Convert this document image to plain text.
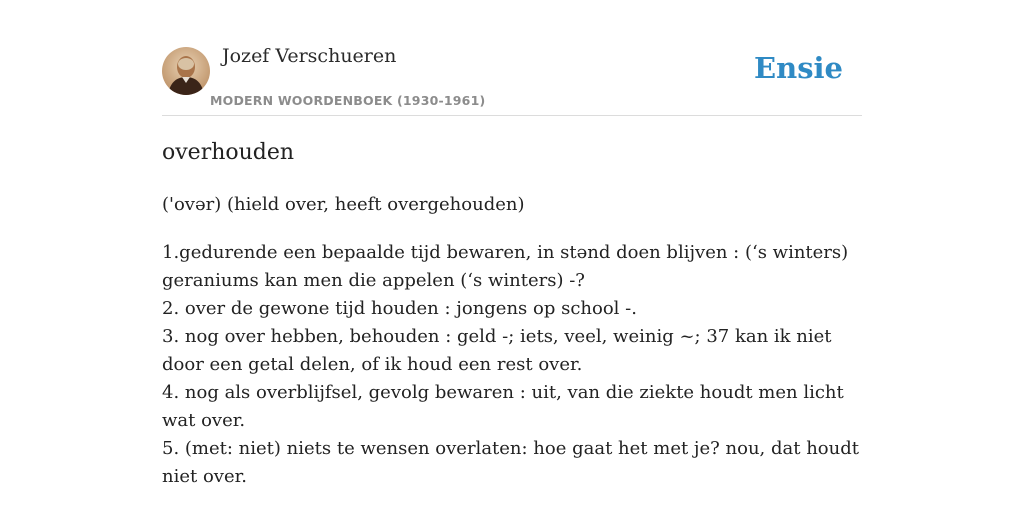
Jozef Verschueren
MODERN WOORDENBOEK (1930-1961)
Ensie
overhouden
('ovər) (hield over, heeft overgehouden)
1.gedurende een bepaalde tijd bewaren, in stənd doen blijven : (‘s winters) geraniums kan men die appelen (‘s winters) -?
2. over de gewone tijd houden : jongens op school -.
3. nog over hebben, behouden : geld -; iets, veel, weinig ~; 37 kan ik niet door een getal delen, of ik houd een rest over.
4. nog als overblijfsel, gevolg bewaren : uit, van die ziekte houdt men licht wat over.
5. (met: niet) niets te wensen overlaten: hoe gaat het met je? nou, dat houdt niet over.
